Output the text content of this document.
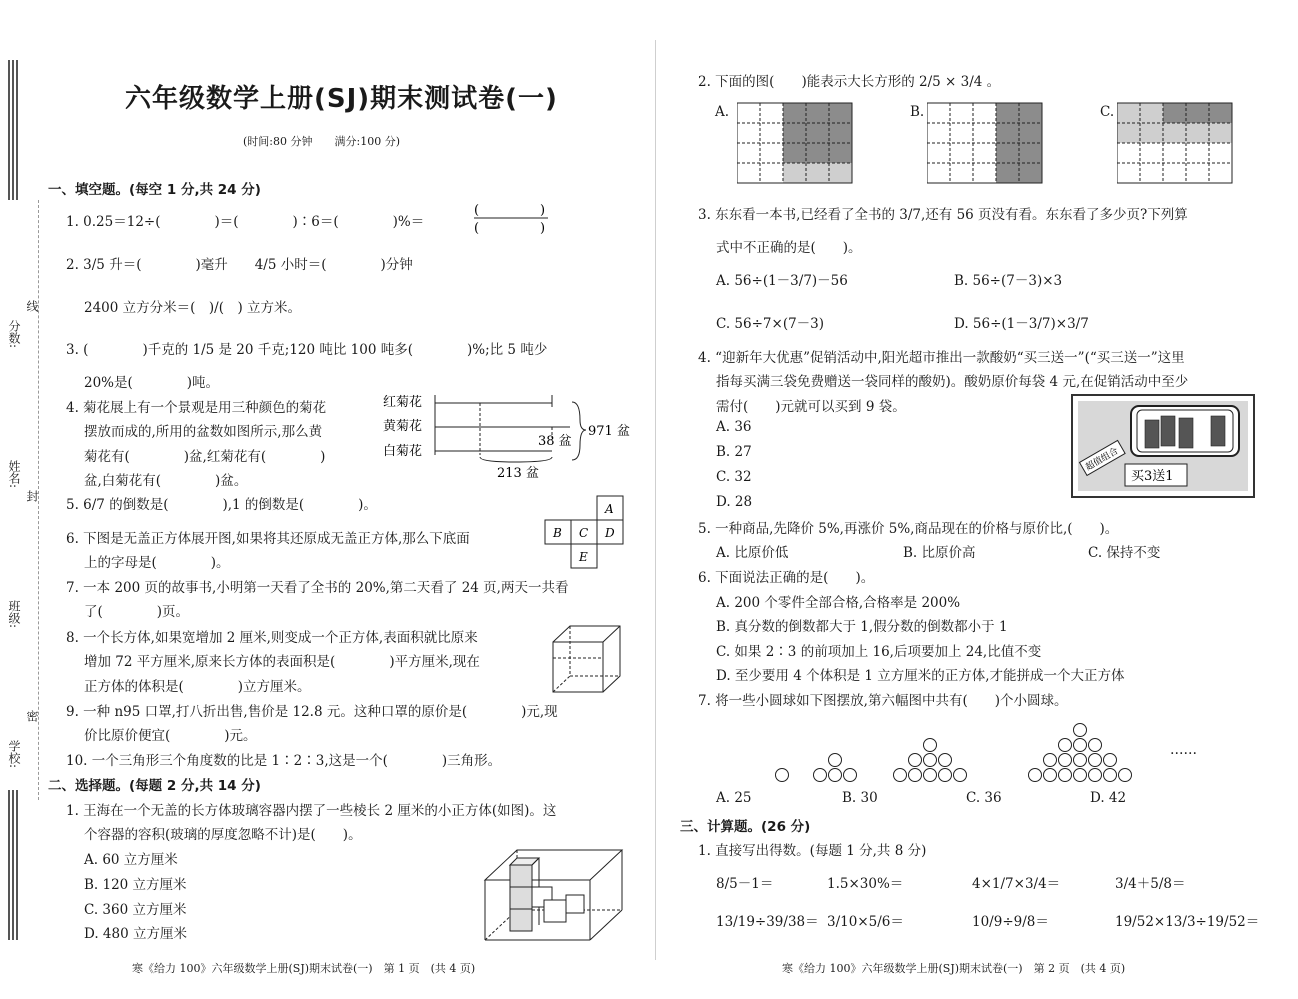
学校:
班级:
姓名:
分数:
密
封
线
六年级数学上册(SJ)期末测试卷(一)
(时间:80 分钟　　满分:100 分)
一、填空题。(每空 1 分,共 24 分)
1. 0.25＝12÷(　　　　)＝(　　　　)∶6＝(　　　　)%＝
(	)
(	)
2. 3/5 升＝(　　　　)毫升　　4/5 小时＝(　　　　)分钟
2400 立方分米＝(　)/(　) 立方米。
3. (　　　　)千克的 1/5 是 20 千克;120 吨比 100 吨多(　　　　)%;比 5 吨少
20%是(　　　　)吨。
4. 菊花展上有一个景观是用三种颜色的菊花
摆放而成的,所用的盆数如图所示,那么黄
菊花有(　　　　)盆,红菊花有(　　　　)
盆,白菊花有(　　　　)盆。
红菊花
黄菊花
白菊花
971 盆
38 盆
213 盆
5. 6/7 的倒数是(　　　　),1 的倒数是(　　　　)。
6. 下图是无盖正方体展开图,如果将其还原成无盖正方体,那么下底面
上的字母是(　　　　)。
A
B C D
E
7. 一本 200 页的故事书,小明第一天看了全书的 20%,第二天看了 24 页,两天一共看
了(　　　　)页。
8. 一个长方体,如果宽增加 2 厘米,则变成一个正方体,表面积就比原来
增加 72 平方厘米,原来长方体的表面积是(　　　　)平方厘米,现在
正方体的体积是(　　　　)立方厘米。
9. 一种 n95 口罩,打八折出售,售价是 12.8 元。这种口罩的原价是(　　　　)元,现
价比原价便宜(　　　　)元。
10. 一个三角形三个角度数的比是 1∶2∶3,这是一个(　　　　)三角形。
二、选择题。(每题 2 分,共 14 分)
1. 王海在一个无盖的长方体玻璃容器内摆了一些棱长 2 厘米的小正方体(如图)。这
个容器的容积(玻璃的厚度忽略不计)是(　　)。
A. 60 立方厘米
B. 120 立方厘米
C. 360 立方厘米
D. 480 立方厘米
寒《给力 100》六年级数学上册(SJ)期末试卷(一)　第 1 页　(共 4 页)
2. 下面的图(　　)能表示大长方形的 2/5 × 3/4 。
A.	B.	C.
3. 东东看一本书,已经看了全书的 3/7,还有 56 页没有看。东东看了多少页?下列算
式中不正确的是(　　)。
A. 56÷(1－3/7)－56	B. 56÷(7－3)×3
C. 56÷7×(7－3)	D. 56÷(1－3/7)×3/7
4. “迎新年大优惠”促销活动中,阳光超市推出一款酸奶“买三送一”(“买三送一”这里
指每买满三袋免费赠送一袋同样的酸奶)。酸奶原价每袋 4 元,在促销活动中至少
需付(　　)元就可以买到 9 袋。
A. 36
B. 27
C. 32
D. 28
买3送1
超值组合
5. 一种商品,先降价 5%,再涨价 5%,商品现在的价格与原价比,(　　)。
A. 比原价低	B. 比原价高	C. 保持不变
6. 下面说法正确的是(　　)。
A. 200 个零件全部合格,合格率是 200%
B. 真分数的倒数都大于 1,假分数的倒数都小于 1
C. 如果 2∶3 的前项加上 16,后项要加上 24,比值不变
D. 至少要用 4 个体积是 1 立方厘米的正方体,才能拼成一个大正方体
7. 将一些小圆球如下图摆放,第六幅图中共有(　　)个小圆球。
……
A. 25	B. 30	C. 36	D. 42
三、计算题。(26 分)
1. 直接写出得数。(每题 1 分,共 8 分)
8/5－1＝	1.5×30%＝	4×1/7×3/4＝	3/4＋5/8＝
13/19÷39/38＝ 3/10×5/6＝	10/9÷9/8＝	19/52×13/3÷19/52＝
寒《给力 100》六年级数学上册(SJ)期末试卷(一)　第 2 页　(共 4 页)
